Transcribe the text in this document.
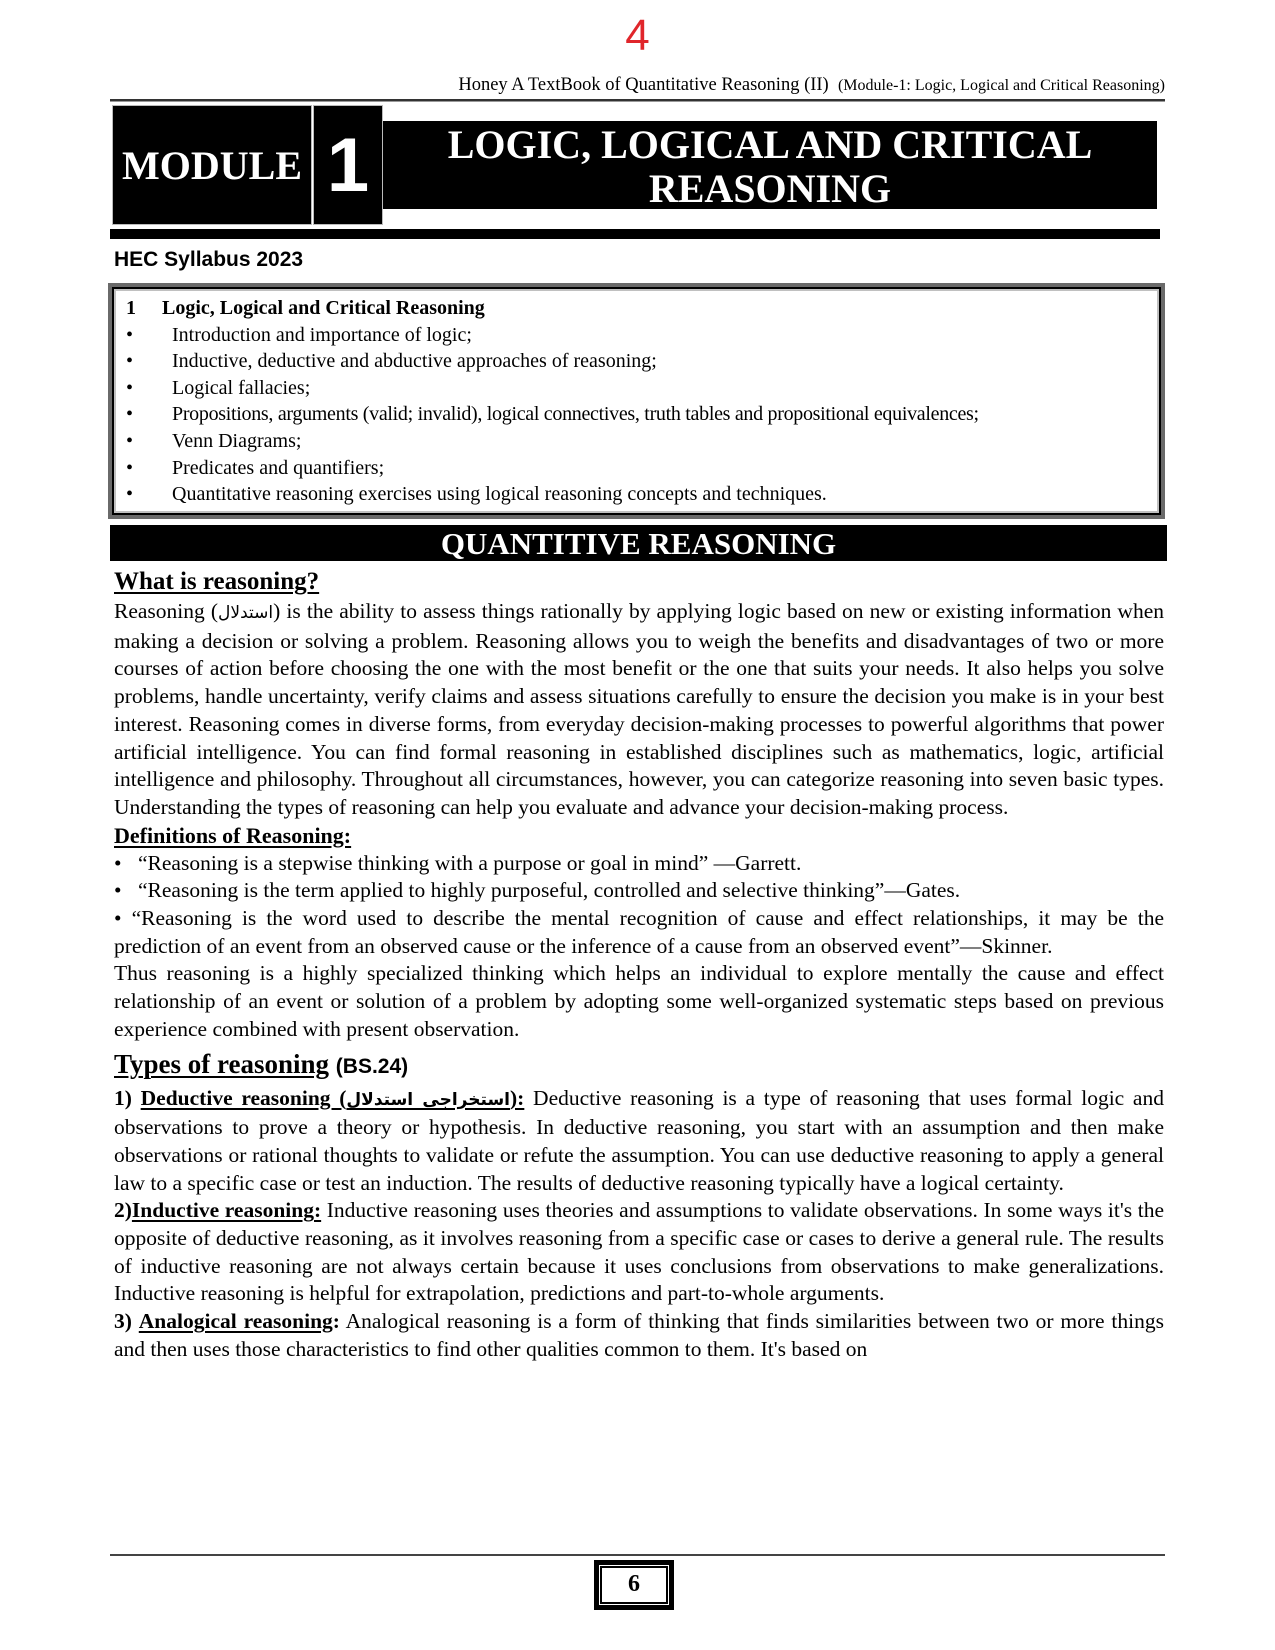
4
Honey A TextBook of Quantitative Reasoning (II) (Module-1: Logic, Logical and Critical Reasoning)
MODULE 1	LOGIC, LOGICAL AND CRITICAL
REASONING
HEC Syllabus 2023
1	Logic, Logical and Critical Reasoning
•	Introduction and importance of logic;
•	Inductive, deductive and abductive approaches of reasoning;
•	Logical fallacies;
•	Propositions, arguments (valid; invalid), logical connectives, truth tables and propositional equivalences;
•	Venn Diagrams;
•	Predicates and quantifiers;
•	Quantitative reasoning exercises using logical reasoning concepts and techniques.
QUANTITIVE REASONING
What is reasoning?

Reasoning (استدلال) is the ability to assess things rationally by applying logic based on new or existing information when making a decision or solving a problem. Reasoning allows you to weigh the benefits and disadvantages of two or more courses of action before choosing the one with the most benefit or the one that suits your needs. It also helps you solve problems, handle uncertainty, verify claims and assess situations carefully to ensure the decision you make is in your best interest. Reasoning comes in diverse forms, from everyday decision-making processes to powerful algorithms that power artificial intelligence. You can find formal reasoning in established disciplines such as mathematics, logic, artificial intelligence and philosophy. Throughout all circumstances, however, you can categorize reasoning into seven basic types. Understanding the types of reasoning can help you evaluate and advance your decision-making process.

Definitions of Reasoning:

• “Reasoning is a stepwise thinking with a purpose or goal in mind” —Garrett.

• “Reasoning is the term applied to highly purposeful, controlled and selective thinking”—Gates.

• “Reasoning is the word used to describe the mental recognition of cause and effect relationships, it may be the prediction of an event from an observed cause or the inference of a cause from an observed event”—Skinner.

Thus reasoning is a highly specialized thinking which helps an individual to explore mentally the cause and effect relationship of an event or solution of a problem by adopting some well-organized systematic steps based on previous experience combined with present observation.

Types of reasoning (BS.24)

1) Deductive reasoning (استخراجی استدلال): Deductive reasoning is a type of reasoning that uses formal logic and observations to prove a theory or hypothesis. In deductive reasoning, you start with an assumption and then make observations or rational thoughts to validate or refute the assumption. You can use deductive reasoning to apply a general law to a specific case or test an induction. The results of deductive reasoning typically have a logical certainty.

2)Inductive reasoning: Inductive reasoning uses theories and assumptions to validate observations. In some ways it's the opposite of deductive reasoning, as it involves reasoning from a specific case or cases to derive a general rule. The results of inductive reasoning are not always certain because it uses conclusions from observations to make generalizations. Inductive reasoning is helpful for extrapolation, predictions and part-to-whole arguments.

3) Analogical reasoning: Analogical reasoning is a form of thinking that finds similarities between two or more things and then uses those characteristics to find other qualities common to them. It's based on

6
